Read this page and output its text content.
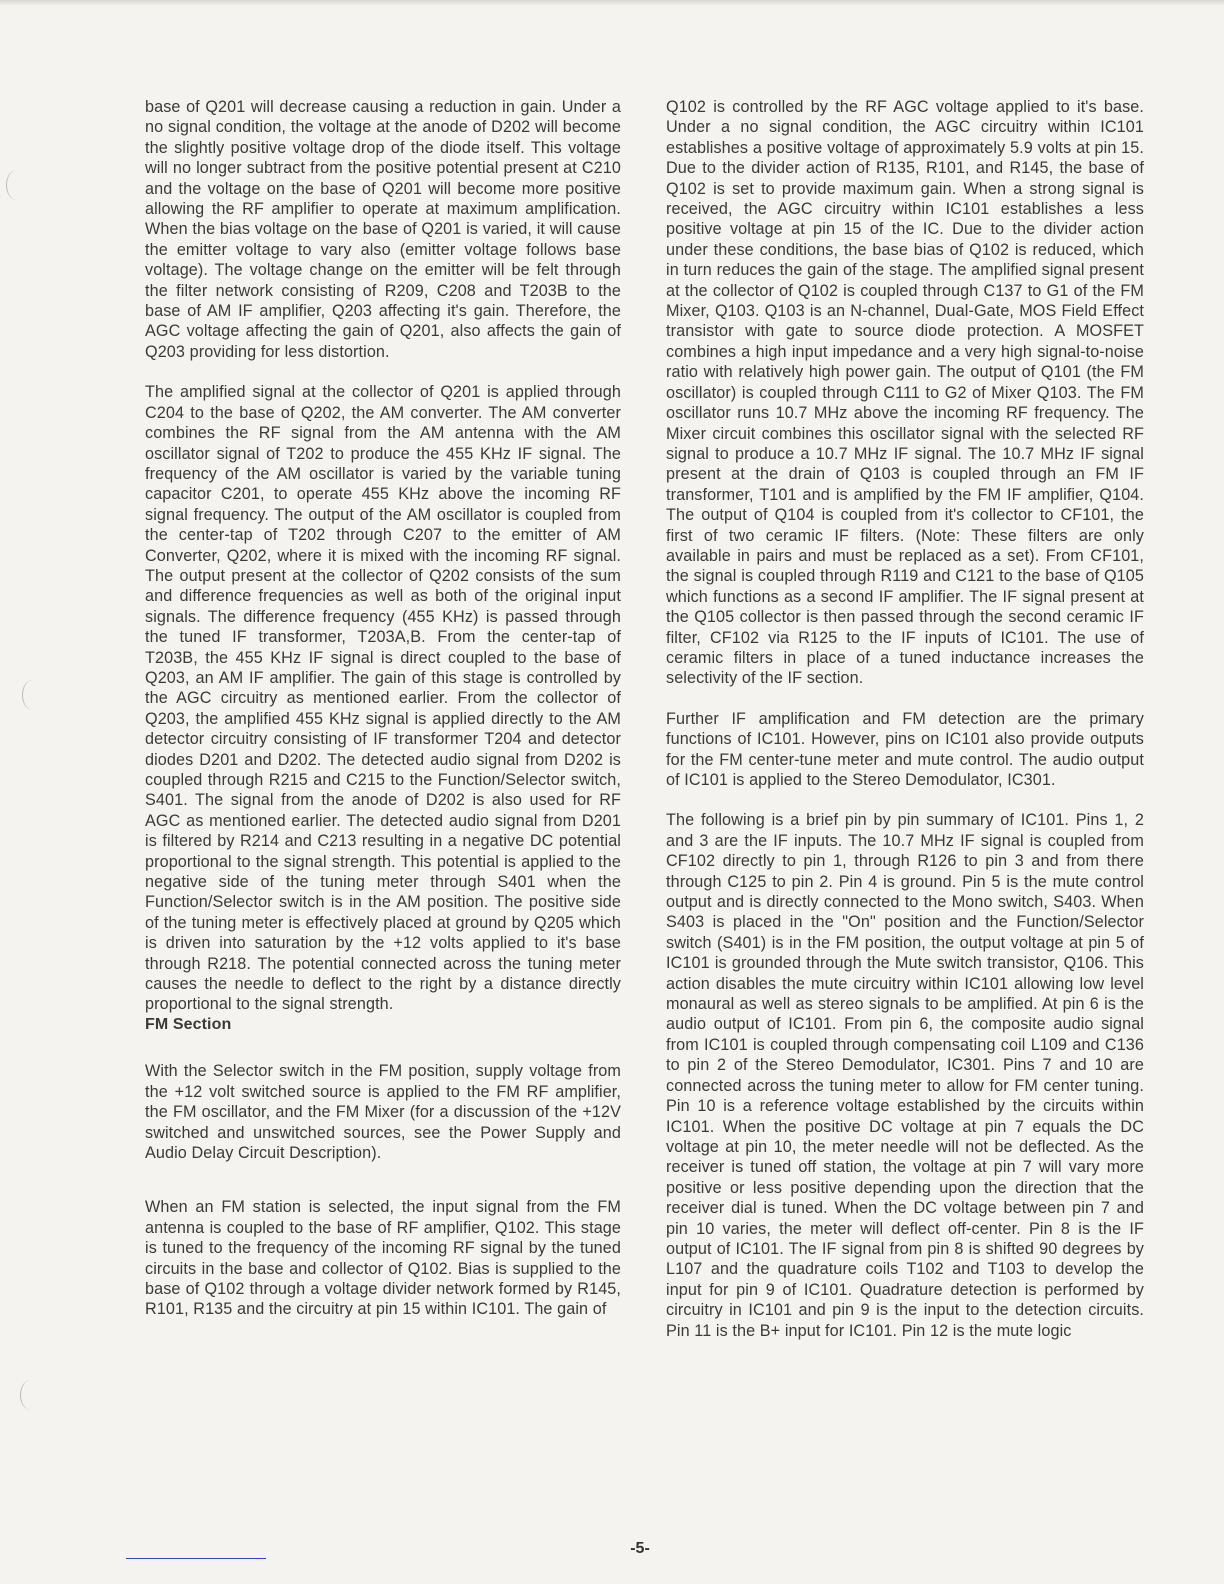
base of Q201 will decrease causing a reduction in gain. Under a no signal condition, the voltage at the anode of D202 will become the slightly positive voltage drop of the diode itself. This voltage will no longer subtract from the positive potential present at C210 and the voltage on the base of Q201 will become more positive allowing the RF amplifier to operate at maximum amplification. When the bias voltage on the base of Q201 is varied, it will cause the emitter voltage to vary also (emitter voltage follows base voltage). The voltage change on the emitter will be felt through the filter network consisting of R209, C208 and T203B to the base of AM IF amplifier, Q203 affecting it's gain. Therefore, the AGC voltage affecting the gain of Q201, also affects the gain of Q203 providing for less distortion.

The amplified signal at the collector of Q201 is applied through C204 to the base of Q202, the AM converter. The AM converter combines the RF signal from the AM antenna with the AM oscillator signal of T202 to produce the 455 KHz IF signal. The frequency of the AM oscillator is varied by the variable tuning capacitor C201, to operate 455 KHz above the incoming RF signal frequency. The output of the AM oscillator is coupled from the center-tap of T202 through C207 to the emitter of AM Converter, Q202, where it is mixed with the incoming RF signal. The output present at the collector of Q202 consists of the sum and difference frequencies as well as both of the original input signals. The difference frequency (455 KHz) is passed through the tuned IF transformer, T203A,B. From the center-tap of T203B, the 455 KHz IF signal is direct coupled to the base of Q203, an AM IF amplifier. The gain of this stage is controlled by the AGC circuitry as mentioned earlier. From the collector of Q203, the amplified 455 KHz signal is applied directly to the AM detector circuitry consisting of IF transformer T204 and detector diodes D201 and D202. The detected audio signal from D202 is coupled through R215 and C215 to the Function/Selector switch, S401. The signal from the anode of D202 is also used for RF AGC as mentioned earlier. The detected audio signal from D201 is filtered by R214 and C213 resulting in a negative DC potential proportional to the signal strength. This potential is applied to the negative side of the tuning meter through S401 when the Function/Selector switch is in the AM position. The positive side of the tuning meter is effectively placed at ground by Q205 which is driven into saturation by the +12 volts applied to it's base through R218. The potential connected across the tuning meter causes the needle to deflect to the right by a distance directly proportional to the signal strength.

FM Section

With the Selector switch in the FM position, supply voltage from the +12 volt switched source is applied to the FM RF amplifier, the FM oscillator, and the FM Mixer (for a discussion of the +12V switched and unswitched sources, see the Power Supply and Audio Delay Circuit Description).

When an FM station is selected, the input signal from the FM antenna is coupled to the base of RF amplifier, Q102. This stage is tuned to the frequency of the incoming RF signal by the tuned circuits in the base and collector of Q102. Bias is supplied to the base of Q102 through a voltage divider network formed by R145, R101, R135 and the circuitry at pin 15 within IC101. The gain of

Q102 is controlled by the RF AGC voltage applied to it's base. Under a no signal condition, the AGC circuitry within IC101 establishes a positive voltage of approximately 5.9 volts at pin 15. Due to the divider action of R135, R101, and R145, the base of Q102 is set to provide maximum gain. When a strong signal is received, the AGC circuitry within IC101 establishes a less positive voltage at pin 15 of the IC. Due to the divider action under these conditions, the base bias of Q102 is reduced, which in turn reduces the gain of the stage. The amplified signal present at the collector of Q102 is coupled through C137 to G1 of the FM Mixer, Q103. Q103 is an N-channel, Dual-Gate, MOS Field Effect transistor with gate to source diode protection. A MOSFET combines a high input impedance and a very high signal-to-noise ratio with relatively high power gain. The output of Q101 (the FM oscillator) is coupled through C111 to G2 of Mixer Q103. The FM oscillator runs 10.7 MHz above the incoming RF frequency. The Mixer circuit combines this oscillator signal with the selected RF signal to produce a 10.7 MHz IF signal. The 10.7 MHz IF signal present at the drain of Q103 is coupled through an FM IF transformer, T101 and is amplified by the FM IF amplifier, Q104. The output of Q104 is coupled from it's collector to CF101, the first of two ceramic IF filters. (Note: These filters are only available in pairs and must be replaced as a set). From CF101, the signal is coupled through R119 and C121 to the base of Q105 which functions as a second IF amplifier. The IF signal present at the Q105 collector is then passed through the second ceramic IF filter, CF102 via R125 to the IF inputs of IC101. The use of ceramic filters in place of a tuned inductance increases the selectivity of the IF section.

Further IF amplification and FM detection are the primary functions of IC101. However, pins on IC101 also provide outputs for the FM center-tune meter and mute control. The audio output of IC101 is applied to the Stereo Demodulator, IC301.

The following is a brief pin by pin summary of IC101. Pins 1, 2 and 3 are the IF inputs. The 10.7 MHz IF signal is coupled from CF102 directly to pin 1, through R126 to pin 3 and from there through C125 to pin 2. Pin 4 is ground. Pin 5 is the mute control output and is directly connected to the Mono switch, S403. When S403 is placed in the "On" position and the Function/Selector switch (S401) is in the FM position, the output voltage at pin 5 of IC101 is grounded through the Mute switch transistor, Q106. This action disables the mute circuitry within IC101 allowing low level monaural as well as stereo signals to be amplified. At pin 6 is the audio output of IC101. From pin 6, the composite audio signal from IC101 is coupled through compensating coil L109 and C136 to pin 2 of the Stereo Demodulator, IC301. Pins 7 and 10 are connected across the tuning meter to allow for FM center tuning. Pin 10 is a reference voltage established by the circuits within IC101. When the positive DC voltage at pin 7 equals the DC voltage at pin 10, the meter needle will not be deflected. As the receiver is tuned off station, the voltage at pin 7 will vary more positive or less positive depending upon the direction that the receiver dial is tuned. When the DC voltage between pin 7 and pin 10 varies, the meter will deflect off-center. Pin 8 is the IF output of IC101. The IF signal from pin 8 is shifted 90 degrees by L107 and the quadrature coils T102 and T103 to develop the input for pin 9 of IC101. Quadrature detection is performed by circuitry in IC101 and pin 9 is the input to the detection circuits. Pin 11 is the B+ input for IC101. Pin 12 is the mute logic

-5-
